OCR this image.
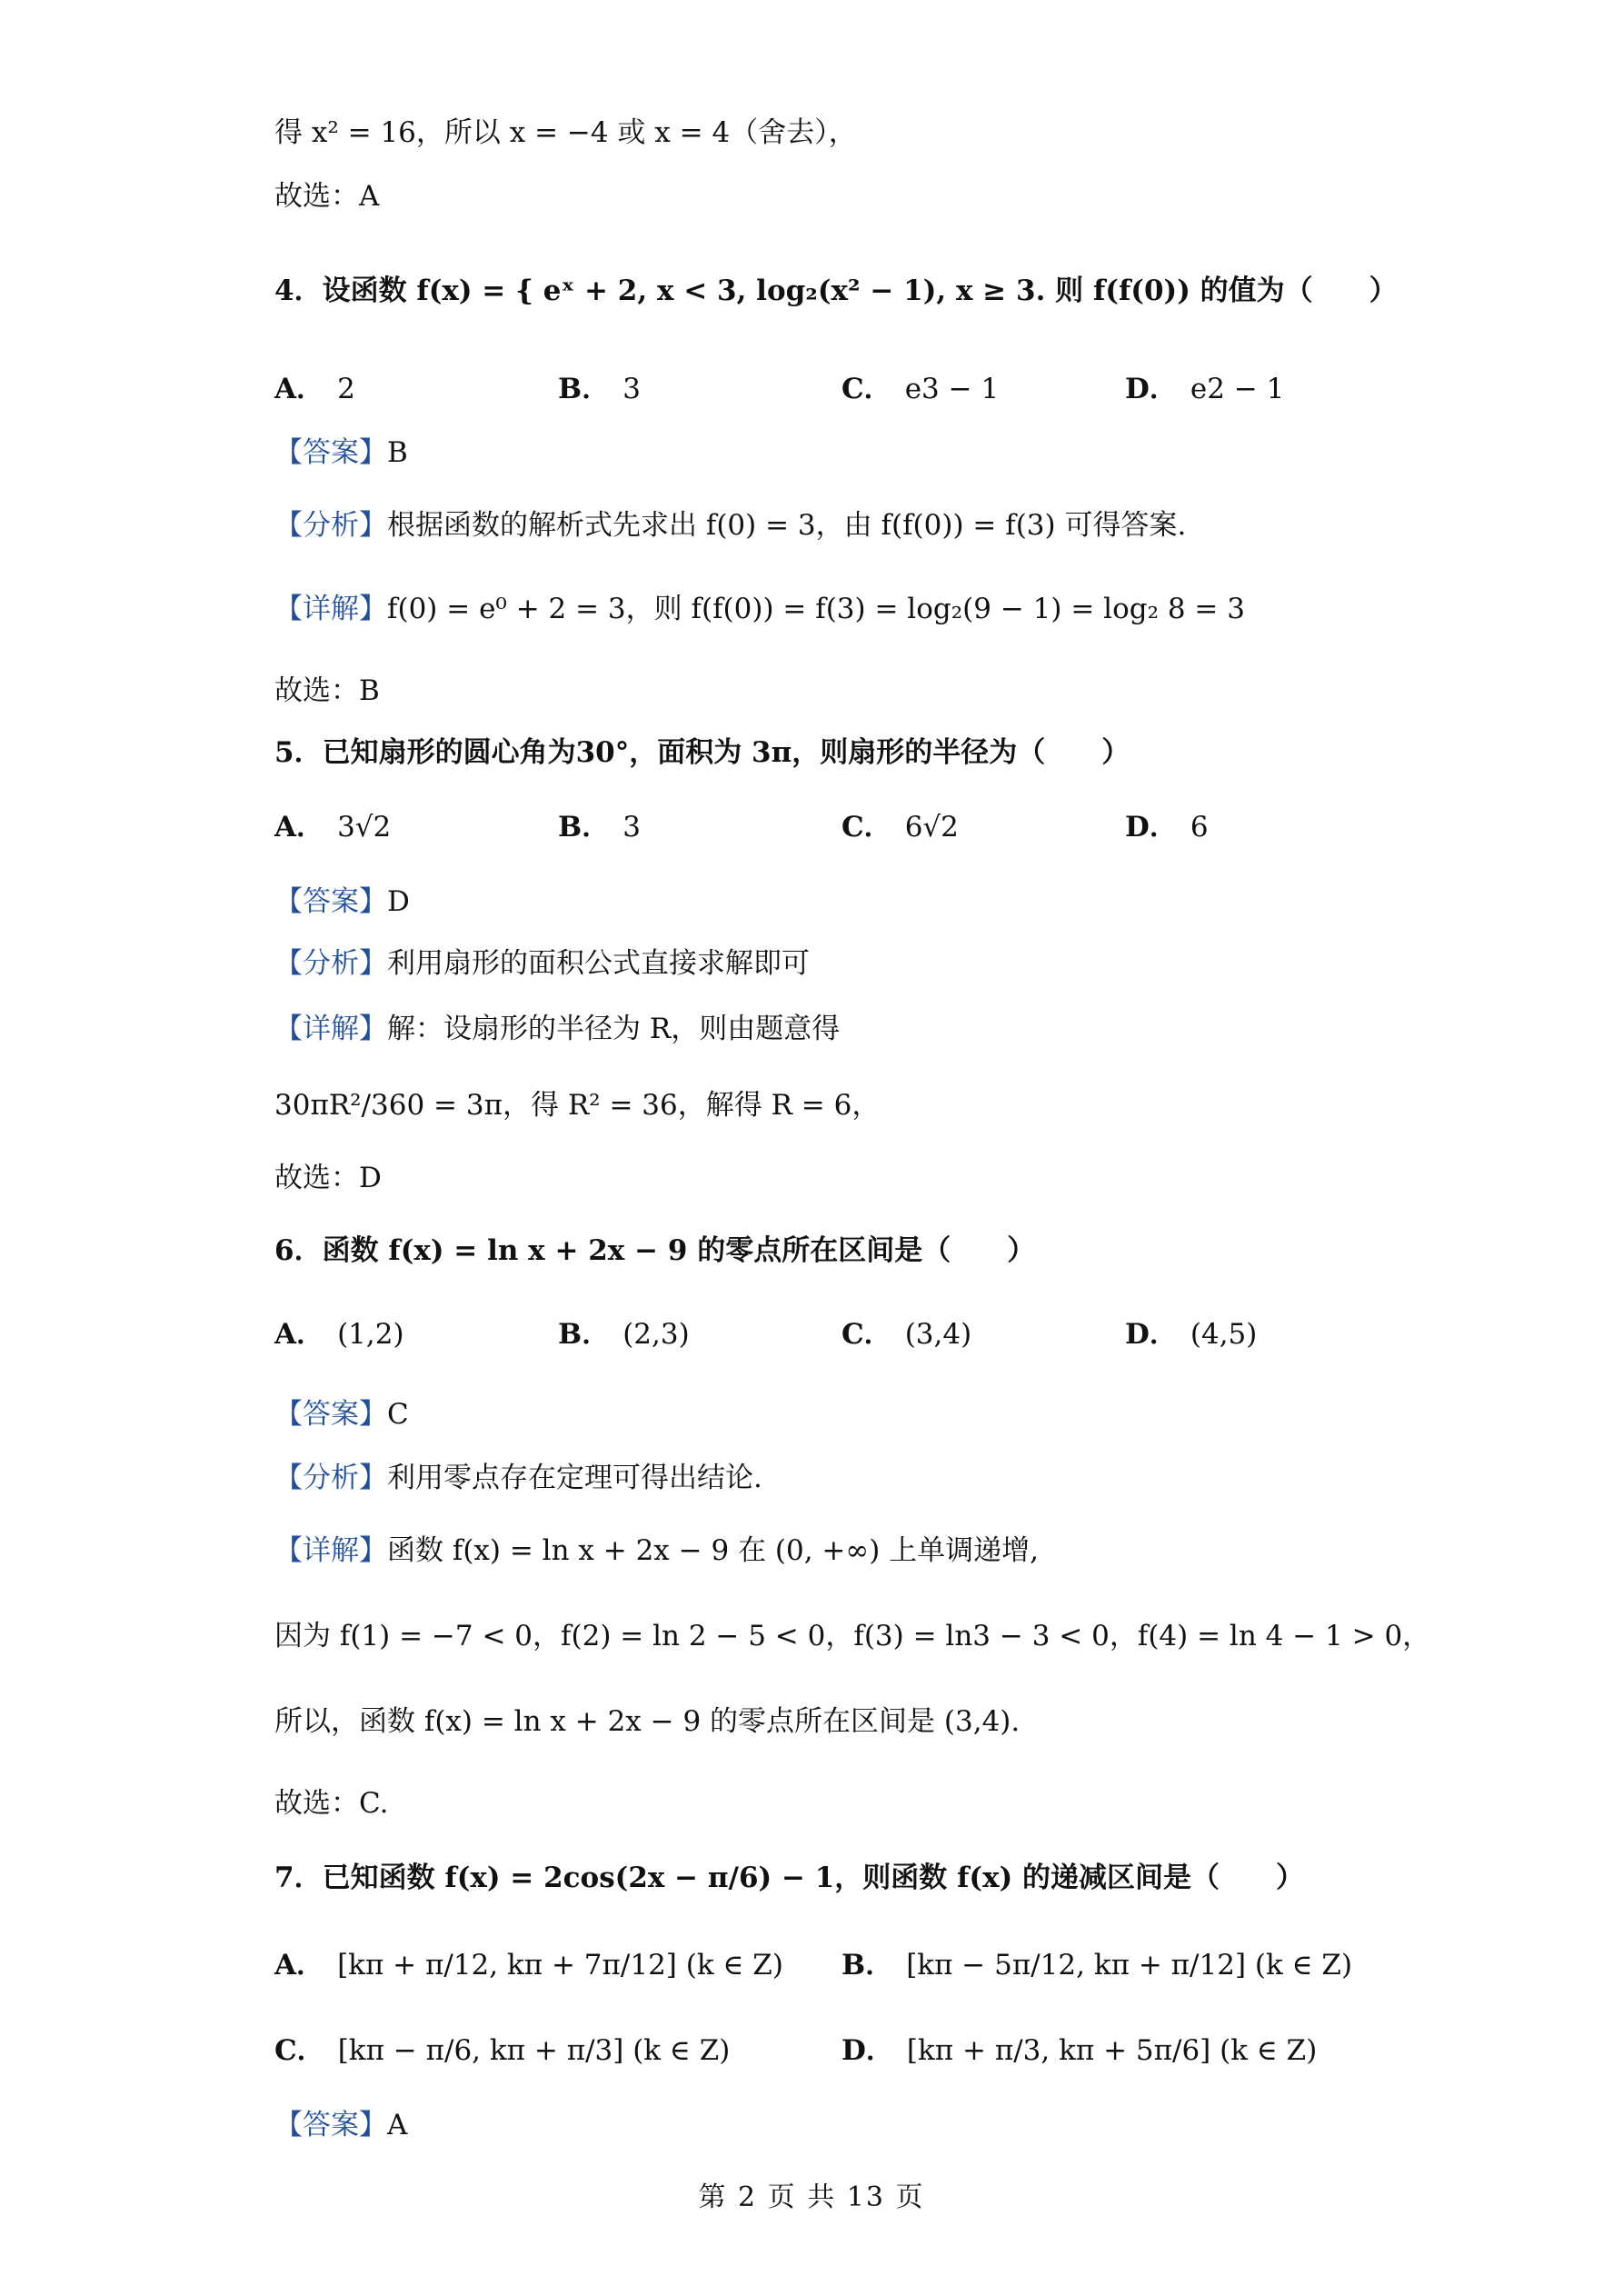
得 x² = 16，所以 x = −4 或 x = 4（舍去），
故选：A
4．设函数 f(x) = { eˣ + 2, x < 3, log₂(x² − 1), x ≥ 3. 则 f(f(0)) 的值为（　　）
A． 2	B． 3	C． e3 − 1	D． e2 − 1
【答案】B
【分析】根据函数的解析式先求出 f(0) = 3，由 f(f(0)) = f(3) 可得答案.
【详解】f(0) = e⁰ + 2 = 3，则 f(f(0)) = f(3) = log₂(9 − 1) = log₂ 8 = 3
故选：B
5．已知扇形的圆心角为30°，面积为 3π，则扇形的半径为（　　）
A． 3√2	B． 3	C． 6√2	D． 6
【答案】D
【分析】利用扇形的面积公式直接求解即可
【详解】解：设扇形的半径为 R，则由题意得
30πR²/360 = 3π，得 R² = 36，解得 R = 6，
故选：D
6．函数 f(x) = ln x + 2x − 9 的零点所在区间是（　　）
A． (1,2)	B． (2,3)	C． (3,4)	D． (4,5)
【答案】C
【分析】利用零点存在定理可得出结论.
【详解】函数 f(x) = ln x + 2x − 9 在 (0, +∞) 上单调递增,
因为 f(1) = −7 < 0，f(2) = ln 2 − 5 < 0，f(3) = ln3 − 3 < 0，f(4) = ln 4 − 1 > 0，
所以，函数 f(x) = ln x + 2x − 9 的零点所在区间是 (3,4).
故选：C.
7．已知函数 f(x) = 2cos(2x − π/6) − 1，则函数 f(x) 的递减区间是（　　）
A． [kπ + π/12, kπ + 7π/12] (k ∈ Z) B． [kπ − 5π/12, kπ + π/12] (k ∈ Z)
C． [kπ − π/6, kπ + π/3] (k ∈ Z)	D． [kπ + π/3, kπ + 5π/6] (k ∈ Z)
【答案】A
第 2 页 共 13 页
